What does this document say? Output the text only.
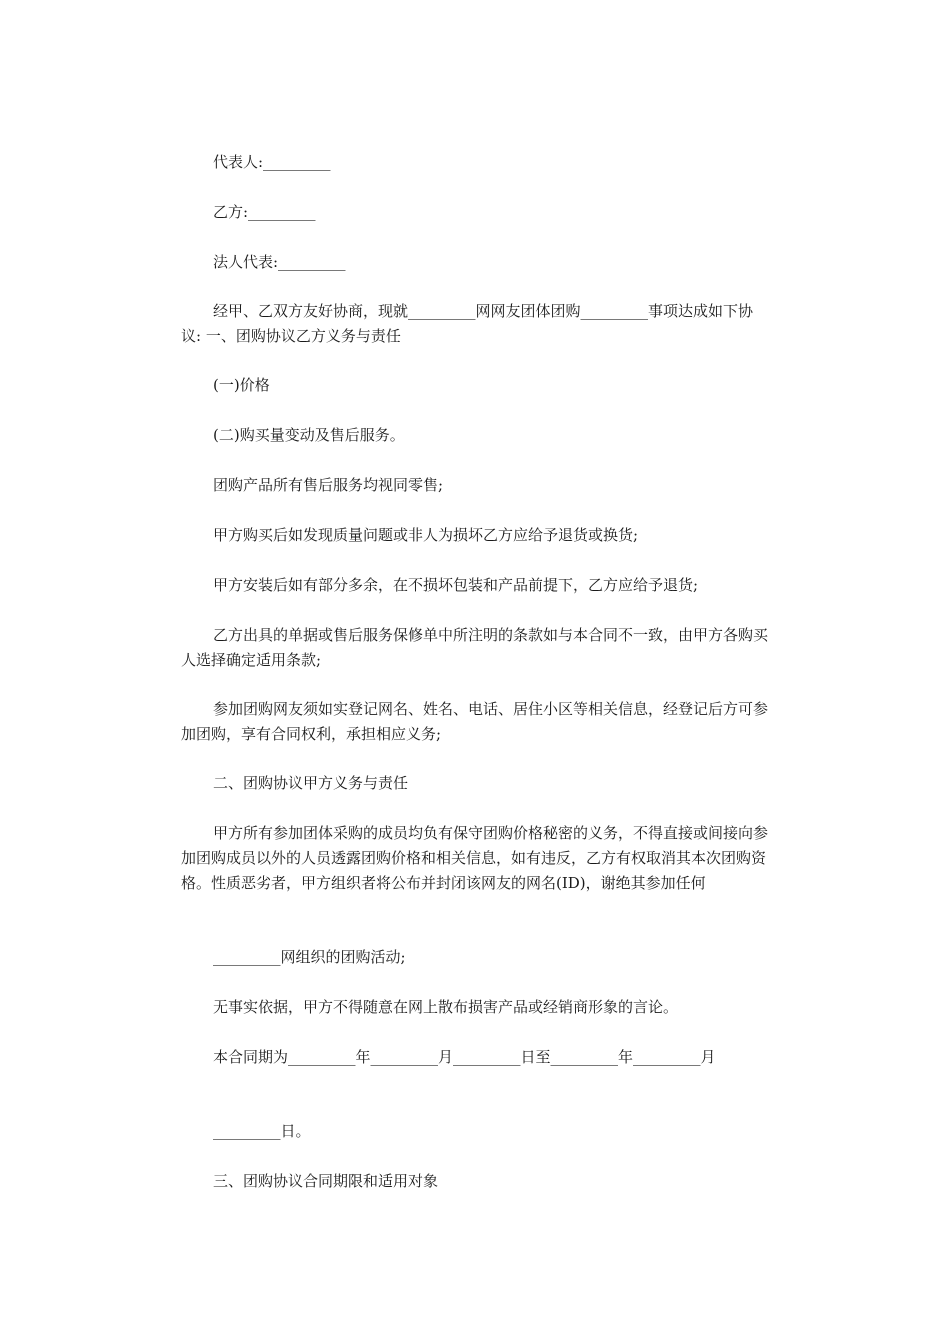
代表人:_________

乙方:_________

法人代表:_________

经甲、乙双方友好协商，现就_________网网友团体团购_________事项达成如下协议: 一、团购协议乙方义务与责任

(一)价格

(二)购买量变动及售后服务。

团购产品所有售后服务均视同零售;

甲方购买后如发现质量问题或非人为损坏乙方应给予退货或换货;

甲方安装后如有部分多余，在不损坏包装和产品前提下，乙方应给予退货;

乙方出具的单据或售后服务保修单中所注明的条款如与本合同不一致，由甲方各购买人选择确定适用条款;

参加团购网友须如实登记网名、姓名、电话、居住小区等相关信息，经登记后方可参加团购，享有合同权利，承担相应义务;

二、团购协议甲方义务与责任

甲方所有参加团体采购的成员均负有保守团购价格秘密的义务，不得直接或间接向参加团购成员以外的人员透露团购价格和相关信息，如有违反，乙方有权取消其本次团购资格。性质恶劣者，甲方组织者将公布并封闭该网友的网名(ID)，谢绝其参加任何

_________网组织的团购活动;

无事实依据，甲方不得随意在网上散布损害产品或经销商形象的言论。

本合同期为_________年_________月_________日至_________年_________月

_________日。

三、团购协议合同期限和适用对象
